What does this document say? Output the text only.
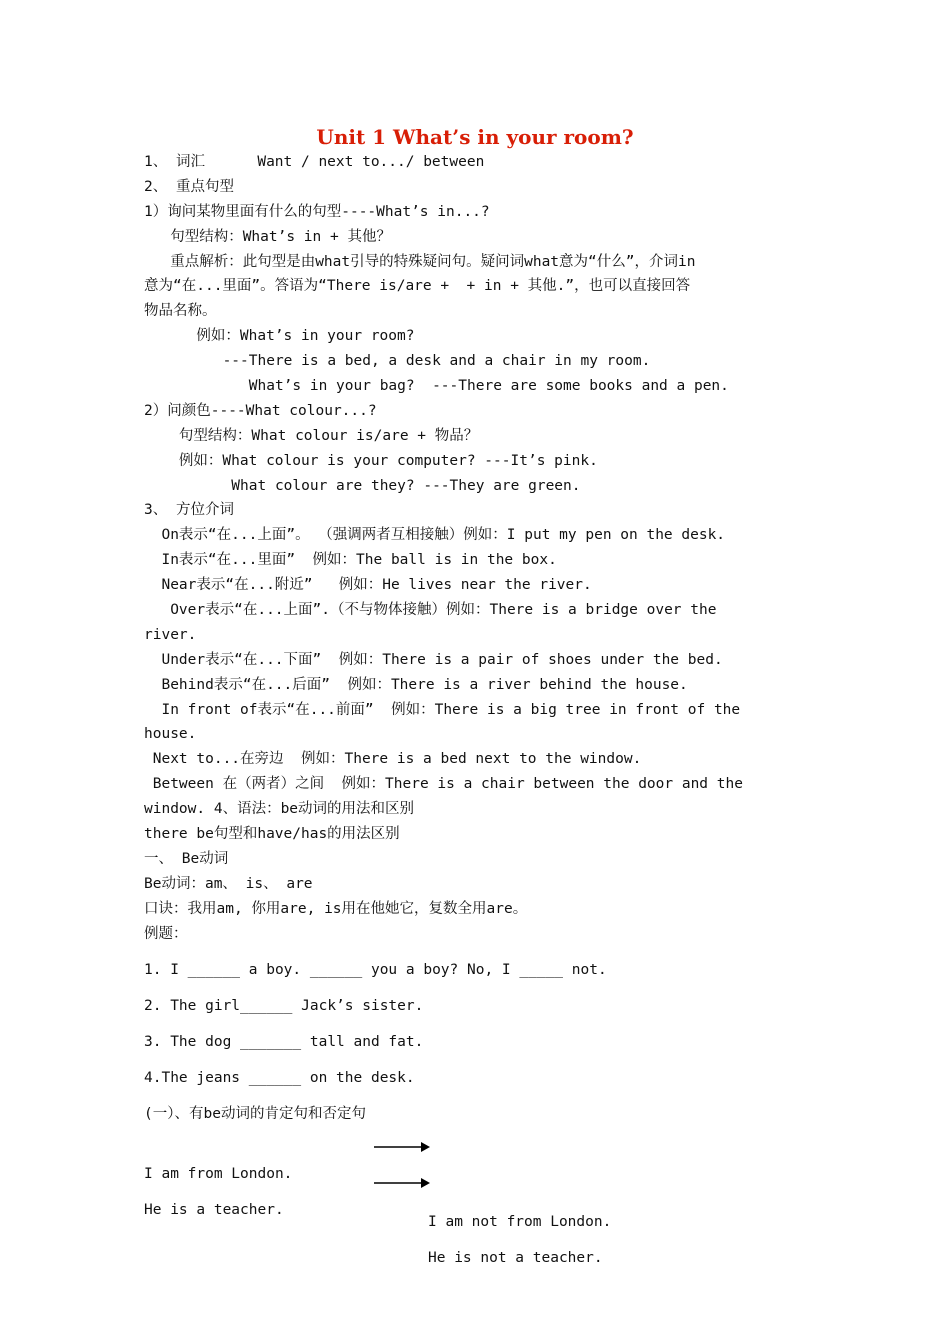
Unit 1 What’s in your room?
1、 词汇      Want / next to.../ between
2、 重点句型
1）询问某物里面有什么的句型----What’s in...?
句型结构：What’s in + 其他？
重点解析：此句型是由what引导的特殊疑问句。疑问词what意为“什么”，介词in
意为“在...里面”。答语为“There is/are +  + in + 其他.”，也可以直接回答
物品名称。
例如：What’s in your room?
---There is a bed, a desk and a chair in my room.
What’s in your bag?  ---There are some books and a pen.
2）问颜色----What colour...?
句型结构：What colour is/are + 物品？
例如：What colour is your computer? ---It’s pink.
What colour are they? ---They are green.
3、 方位介词
On表示“在...上面”。 （强调两者互相接触）例如：I put my pen on the desk.
In表示“在...里面”  例如：The ball is in the box.
Near表示“在...附近”   例如：He lives near the river.
Over表示“在...上面”.（不与物体接触）例如：There is a bridge over the
river.
Under表示“在...下面”  例如：There is a pair of shoes under the bed.
Behind表示“在...后面”  例如：There is a river behind the house.
In front of表示“在...前面”  例如：There is a big tree in front of the
house.
Next to...在旁边  例如：There is a bed next to the window.
Between 在（两者）之间  例如：There is a chair between the door and the
window. 4、语法：be动词的用法和区别
there be句型和have/has的用法区别
一、 Be动词
Be动词：am、 is、 are
口诀：我用am, 你用are, is用在他她它，复数全用are。
例题：
1. I ______ a boy. ______ you a boy? No, I _____ not.
2. The girl______ Jack’s sister.
3. The dog _______ tall and fat.
4.The jeans ______ on the desk.
(一）、有be动词的肯定句和否定句

I am from London.

I am not from London.

He is a teacher.

He is not a teacher.
